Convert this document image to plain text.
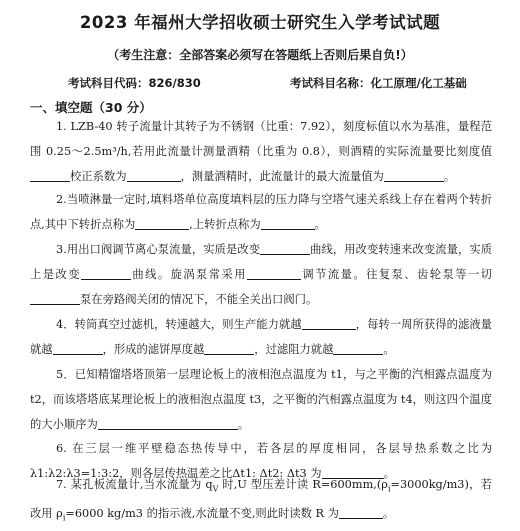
2023 年福州大学招收硕士研究生入学考试试题
（考生注意：全部答案必须写在答题纸上否则后果自负!）
考试科目代码：826/830	考试科目名称：化工原理/化工基础
一、填空题（30 分）
1. LZB-40 转子流量计其转子为不锈钢（比重：7.92），刻度标值以水为基准，量程范围 0.25～2.5m³/h,若用此流量计测量酒精（比重为 0.8），则酒精的实际流量要比刻度值校正系数为	，测量酒精时，此流量计的最大流量值为	。
2.当喷淋量一定时,填料塔单位高度填料层的压力降与空塔气速关系线上存在着两个转折点,其中下转折点称为	,上转折点称为	。
3.用出口阀调节离心泵流量，实质是改变	曲线，用改变转速来改变流量，实质上是改变	曲线。旋涡泵常采用	调节流量。往复泵、齿轮泵等一切泵在旁路阀关闭的情况下，不能全关出口阀门。
4．转筒真空过滤机，转速越大，则生产能力就越	，每转一周所获得的滤液量就越	，形成的滤饼厚度越	，过滤阻力就越	。
5．已知精馏塔塔顶第一层理论板上的液相泡点温度为 t1，与之平衡的汽相露点温度为 t2，而该塔塔底某理论板上的液相泡点温度 t3，之平衡的汽相露点温度为 t4，则这四个温度的大小顺序为	。
6. 在三层一维平壁稳态热传导中，若各层的厚度相同，各层导热系数之比为 λ1:λ2:λ3=1:3:2，则各层传热温差之比Δt1: Δt2: Δt3 为	。
7. 某孔板流量计,当水流量为 $q_V$ 时,U 型压差计读 $R=600mm,(\rho_i=3000kg/m3)$，若改用 $\rho_i=6000$ kg/m3 的指示液,水流量不变,则此时读数 R 为	。
